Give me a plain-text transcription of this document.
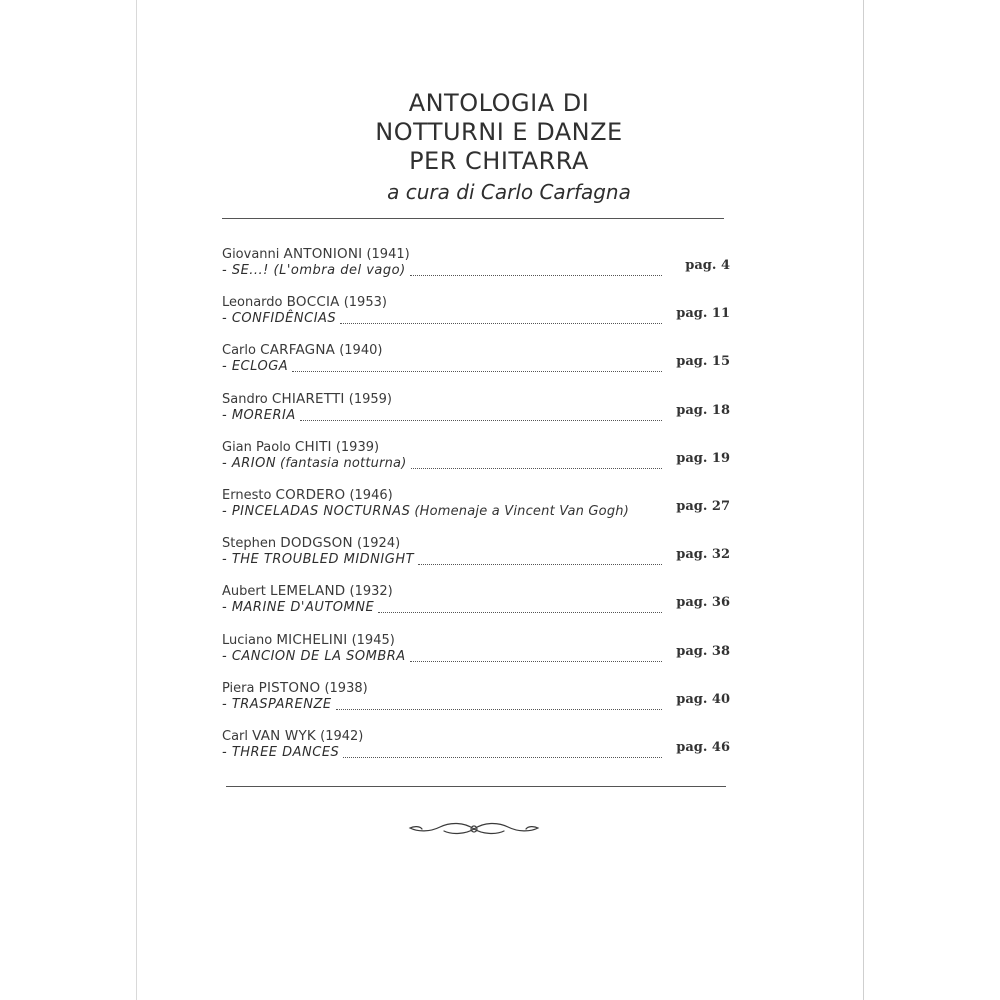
ANTOLOGIA DI
NOTTURNI E DANZE
PER CHITARRA
a cura di Carlo Carfagna
Giovanni ANTONIONI (1941)
- SE...! (L'ombra del vago)	pag. 4
Leonardo BOCCIA (1953)
- CONFIDÊNCIAS	pag. 11
Carlo CARFAGNA (1940)
- ECLOGA	pag. 15
Sandro CHIARETTI (1959)
- MORERIA	pag. 18
Gian Paolo CHITI (1939)
- ARION (fantasia notturna)	pag. 19
Ernesto CORDERO (1946)
- PINCELADAS NOCTURNAS (Homenaje a Vincent Van Gogh)	pag. 27
Stephen DODGSON (1924)
- THE TROUBLED MIDNIGHT	pag. 32
Aubert LEMELAND (1932)
- MARINE D'AUTOMNE	pag. 36
Luciano MICHELINI (1945)
- CANCION DE LA SOMBRA	pag. 38
Piera PISTONO (1938)
- TRASPARENZE	pag. 40
Carl VAN WYK (1942)
- THREE DANCES	pag. 46
